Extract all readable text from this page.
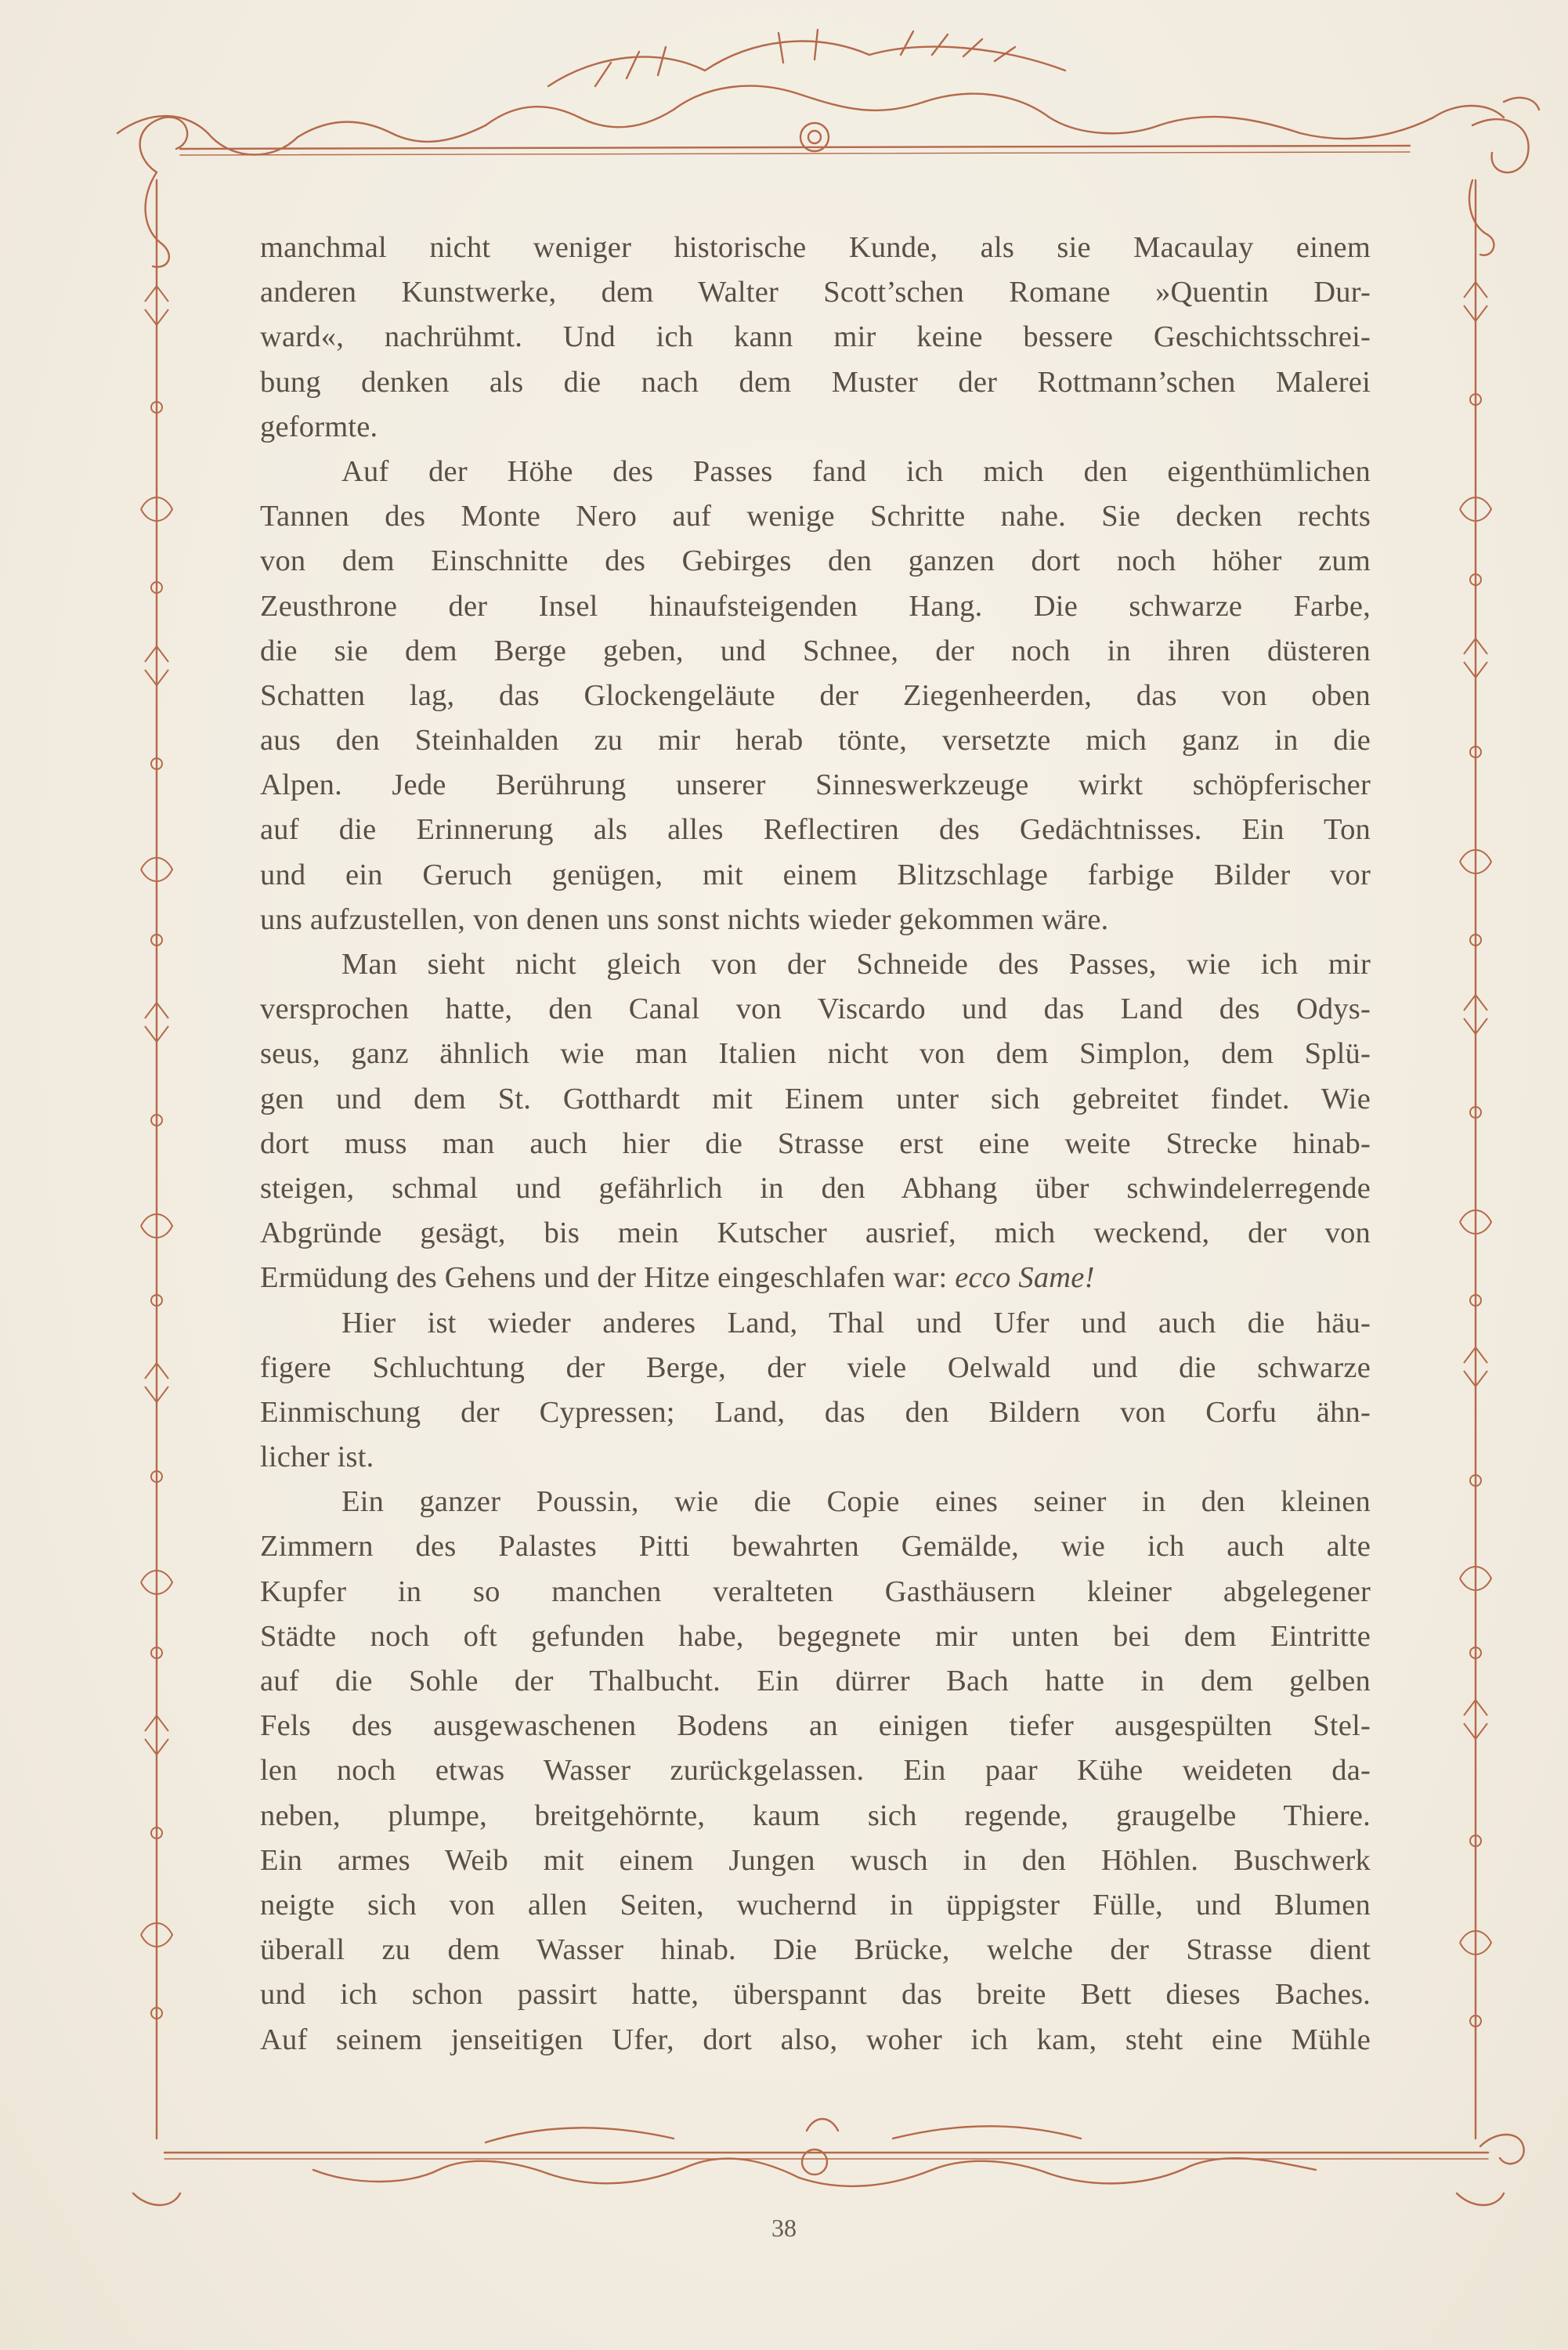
manchmal nicht weniger historische Kunde, als sie Macaulay einem
anderen Kunstwerke, dem Walter Scott’schen Romane »Quentin Dur-
ward«, nachrühmt. Und ich kann mir keine bessere Geschichtsschrei-
bung denken als die nach dem Muster der Rottmann’schen Malerei
geformte.
Auf der Höhe des Passes fand ich mich den eigenthümlichen
Tannen des Monte Nero auf wenige Schritte nahe. Sie decken rechts
von dem Einschnitte des Gebirges den ganzen dort noch höher zum
Zeusthrone der Insel hinaufsteigenden Hang. Die schwarze Farbe,
die sie dem Berge geben, und Schnee, der noch in ihren düsteren
Schatten lag, das Glockengeläute der Ziegenheerden, das von oben
aus den Steinhalden zu mir herab tönte, versetzte mich ganz in die
Alpen. Jede Berührung unserer Sinneswerkzeuge wirkt schöpferischer
auf die Erinnerung als alles Reflectiren des Gedächtnisses. Ein Ton
und ein Geruch genügen, mit einem Blitzschlage farbige Bilder vor
uns aufzustellen, von denen uns sonst nichts wieder gekommen wäre.
Man sieht nicht gleich von der Schneide des Passes, wie ich mir
versprochen hatte, den Canal von Viscardo und das Land des Odys-
seus, ganz ähnlich wie man Italien nicht von dem Simplon, dem Splü-
gen und dem St. Gotthardt mit Einem unter sich gebreitet findet. Wie
dort muss man auch hier die Strasse erst eine weite Strecke hinab-
steigen, schmal und gefährlich in den Abhang über schwindelerregende
Abgründe gesägt, bis mein Kutscher ausrief, mich weckend, der von
Ermüdung des Gehens und der Hitze eingeschlafen war: ecco Same!
Hier ist wieder anderes Land, Thal und Ufer und auch die häu-
figere Schluchtung der Berge, der viele Oelwald und die schwarze
Einmischung der Cypressen; Land, das den Bildern von Corfu ähn-
licher ist.
Ein ganzer Poussin, wie die Copie eines seiner in den kleinen
Zimmern des Palastes Pitti bewahrten Gemälde, wie ich auch alte
Kupfer in so manchen veralteten Gasthäusern kleiner abgelegener
Städte noch oft gefunden habe, begegnete mir unten bei dem Eintritte
auf die Sohle der Thalbucht. Ein dürrer Bach hatte in dem gelben
Fels des ausgewaschenen Bodens an einigen tiefer ausgespülten Stel-
len noch etwas Wasser zurückgelassen. Ein paar Kühe weideten da-
neben, plumpe, breitgehörnte, kaum sich regende, graugelbe Thiere.
Ein armes Weib mit einem Jungen wusch in den Höhlen. Buschwerk
neigte sich von allen Seiten, wuchernd in üppigster Fülle, und Blumen
überall zu dem Wasser hinab. Die Brücke, welche der Strasse dient
und ich schon passirt hatte, überspannt das breite Bett dieses Baches.
Auf seinem jenseitigen Ufer, dort also, woher ich kam, steht eine Mühle
38
